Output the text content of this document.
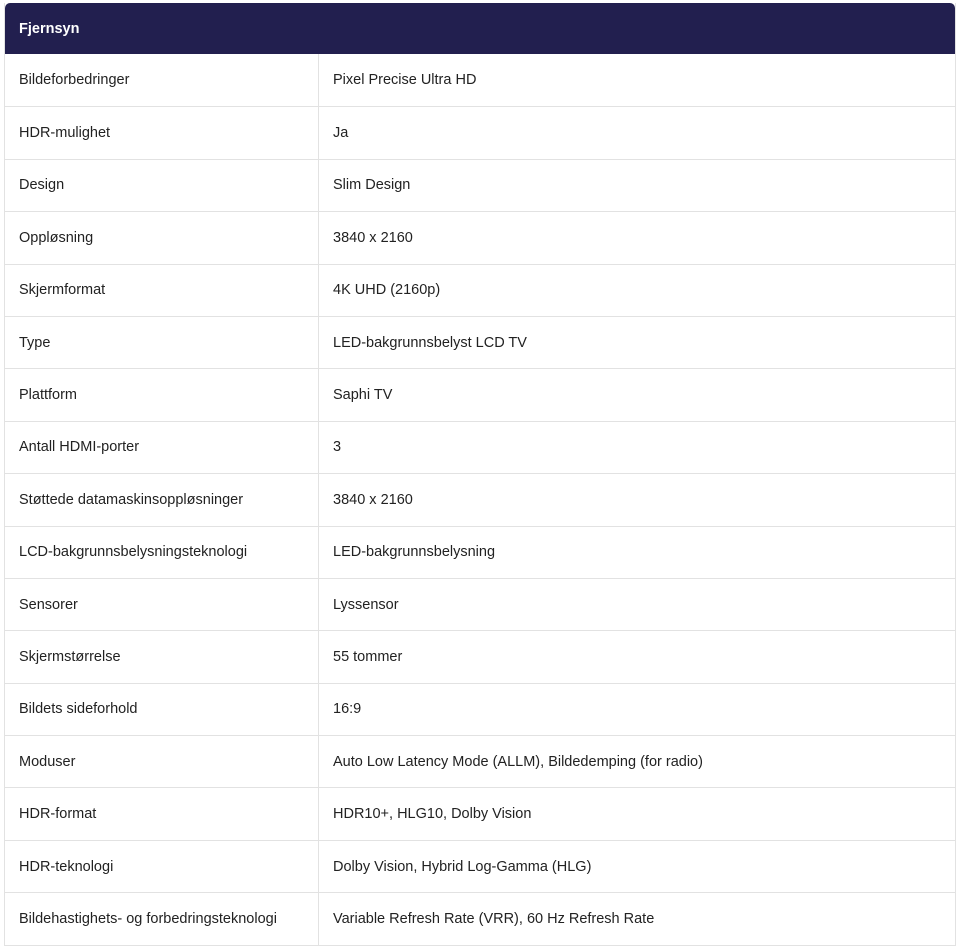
Fjernsyn
Bildeforbedringer	Pixel Precise Ultra HD
HDR-mulighet	Ja
Design	Slim Design
Oppløsning	3840 x 2160
Skjermformat	4K UHD (2160p)
Type	LED-bakgrunnsbelyst LCD TV
Plattform	Saphi TV
Antall HDMI-porter	3
Støttede datamaskinsoppløsninger	3840 x 2160
LCD-bakgrunnsbelysningsteknologi	LED-bakgrunnsbelysning
Sensorer	Lyssensor
Skjermstørrelse	55 tommer
Bildets sideforhold	16:9
Moduser	Auto Low Latency Mode (ALLM), Bildedemping (for radio)
HDR-format	HDR10+, HLG10, Dolby Vision
HDR-teknologi	Dolby Vision, Hybrid Log-Gamma (HLG)
Bildehastighets- og forbedringsteknologi	Variable Refresh Rate (VRR), 60 Hz Refresh Rate
